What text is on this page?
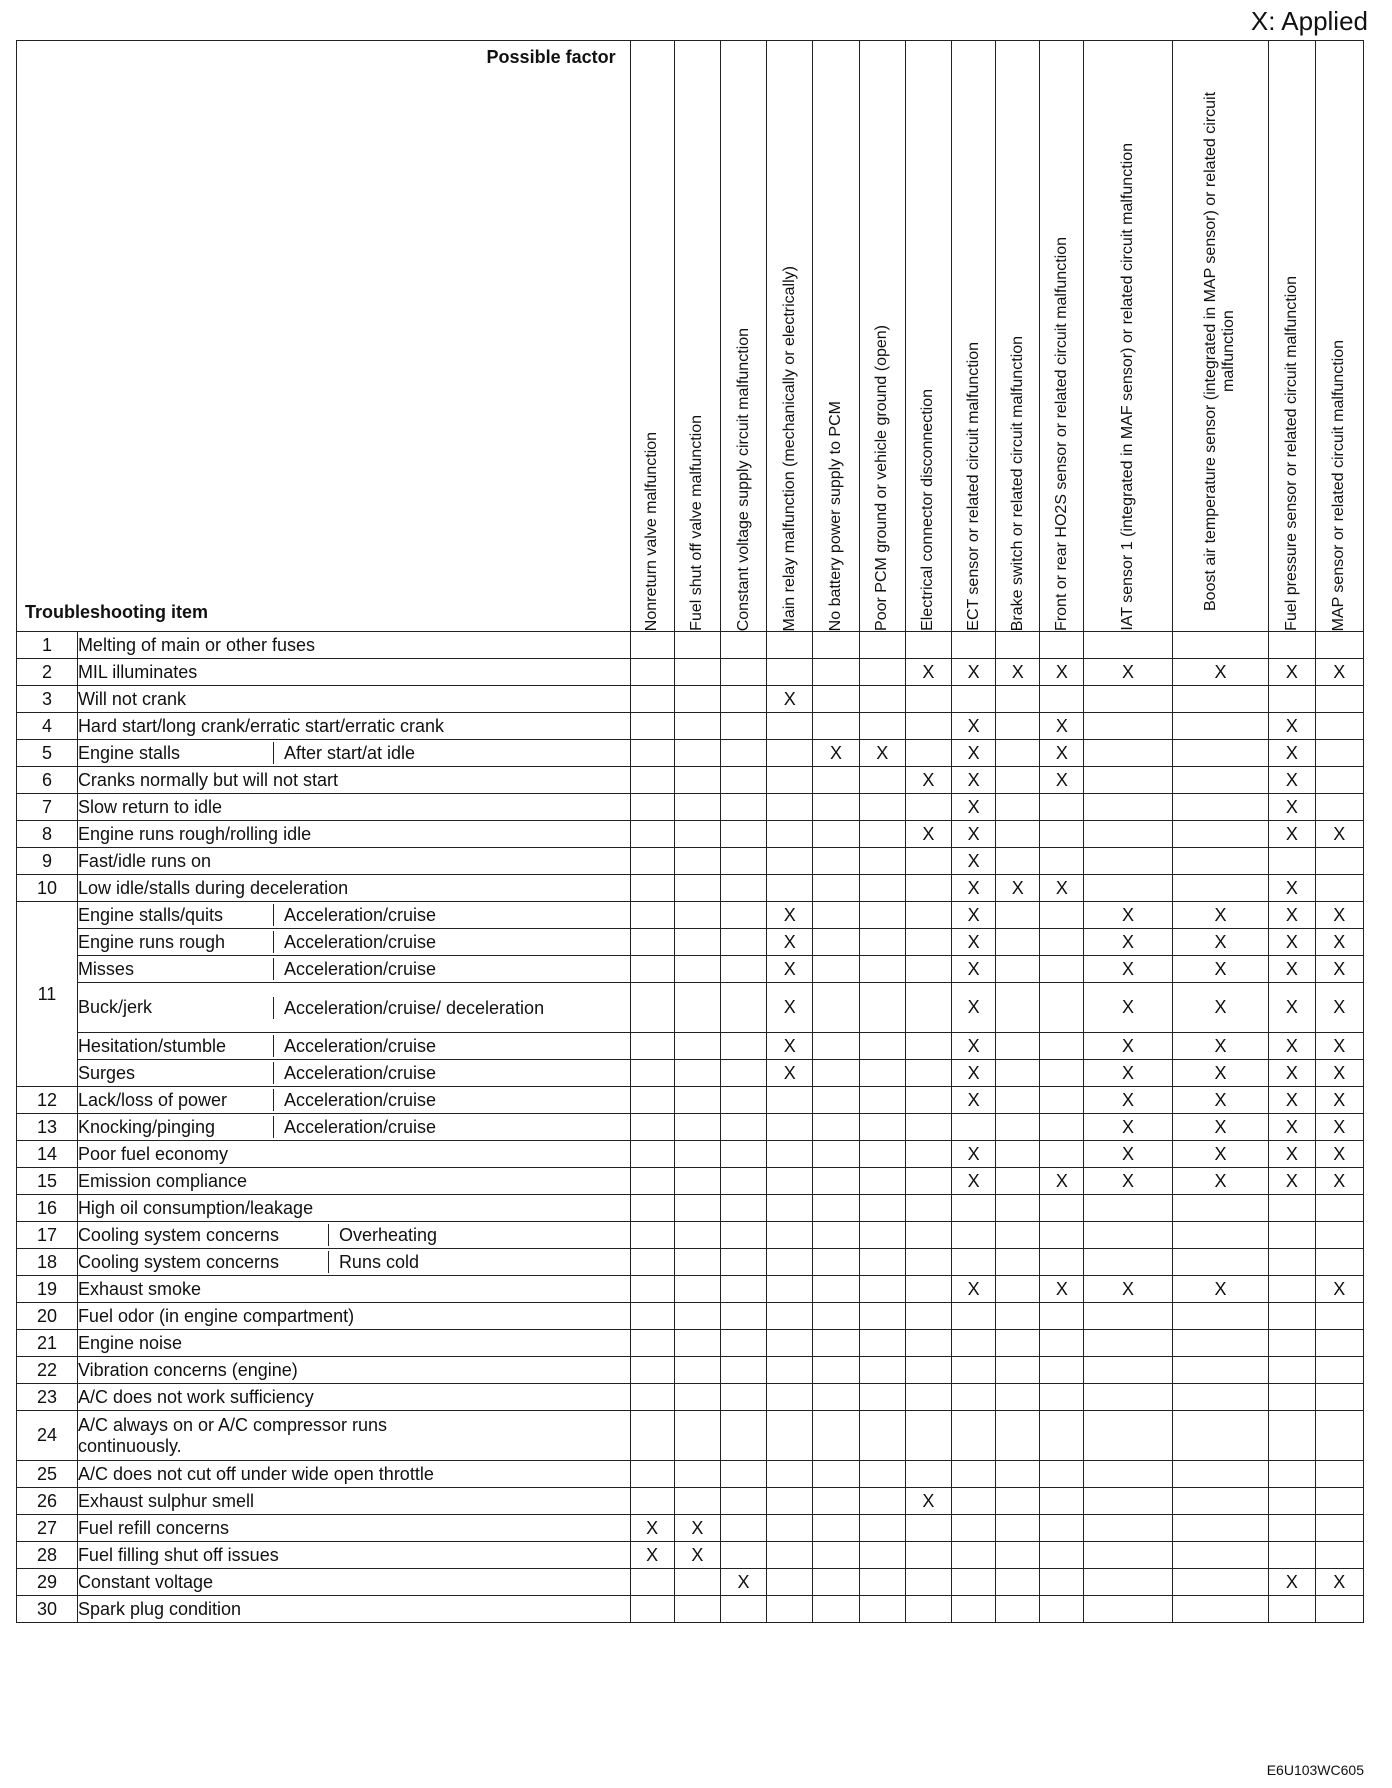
X: Applied
Possible factor
Troubleshooting item		Nonreturn valve malfunction	Fuel shut off valve malfunction	Constant voltage supply circuit malfunction	Main relay malfunction (mechanically or electrically)	No battery power supply to PCM	Poor PCM ground or vehicle ground (open)	Electrical connector disconnection	ECT sensor or related circuit malfunction	Brake switch or related circuit malfunction	Front or rear HO2S sensor or related circuit malfunction	IAT sensor 1 (integrated in MAF sensor) or related circuit malfunction	Boost air temperature sensor (integrated in MAP sensor) or related circuit malfunction	Fuel pressure sensor or related circuit malfunction	MAP sensor or related circuit malfunction

1	Melting of main or other fuses														
2	MIL illuminates							X	X	X	X	X	X	X	X
3	Will not crank				X										
4	Hard start/long crank/erratic start/erratic crank								X		X			X	
5	Engine stalls After start/at idle					X	X		X		X			X	
6	Cranks normally but will not start							X	X		X			X	
7	Slow return to idle								X					X	
8	Engine runs rough/rolling idle							X	X					X	X
9	Fast/idle runs on								X						
10	Low idle/stalls during deceleration								X	X	X			X	
11	Engine stalls/quits Acceleration/cruise				X				X			X	X	X	X

Engine runs rough Acceleration/cruise				X				X			X	X	X	X

Misses Acceleration/cruise				X				X			X	X	X	X

Buck/jerk Acceleration/cruise/ deceleration				X				X			X	X	X	X

Hesitation/stumble Acceleration/cruise				X				X			X	X	X	X

Surges Acceleration/cruise				X				X			X	X	X	X
12	Lack/loss of power Acceleration/cruise								X			X	X	X	X
13	Knocking/pinging Acceleration/cruise											X	X	X	X
14	Poor fuel economy								X			X	X	X	X
15	Emission compliance								X		X	X	X	X	X
16	High oil consumption/leakage														
17	Cooling system concerns Overheating														

18	Cooling system concerns Runs cold														

19	Exhaust smoke								X		X	X	X		X
20	Fuel odor (in engine compartment)														
21	Engine noise														
22	Vibration concerns (engine)														
23	A/C does not work sufficiency														
24	A/C always on or A/C compressor runs continuously.														

25	A/C does not cut off under wide open throttle														
26	Exhaust sulphur smell							X							
27	Fuel refill concerns	X	X												
28	Fuel filling shut off issues	X	X												
29	Constant voltage			X										X	X
30	Spark plug condition														
E6U103WC605
